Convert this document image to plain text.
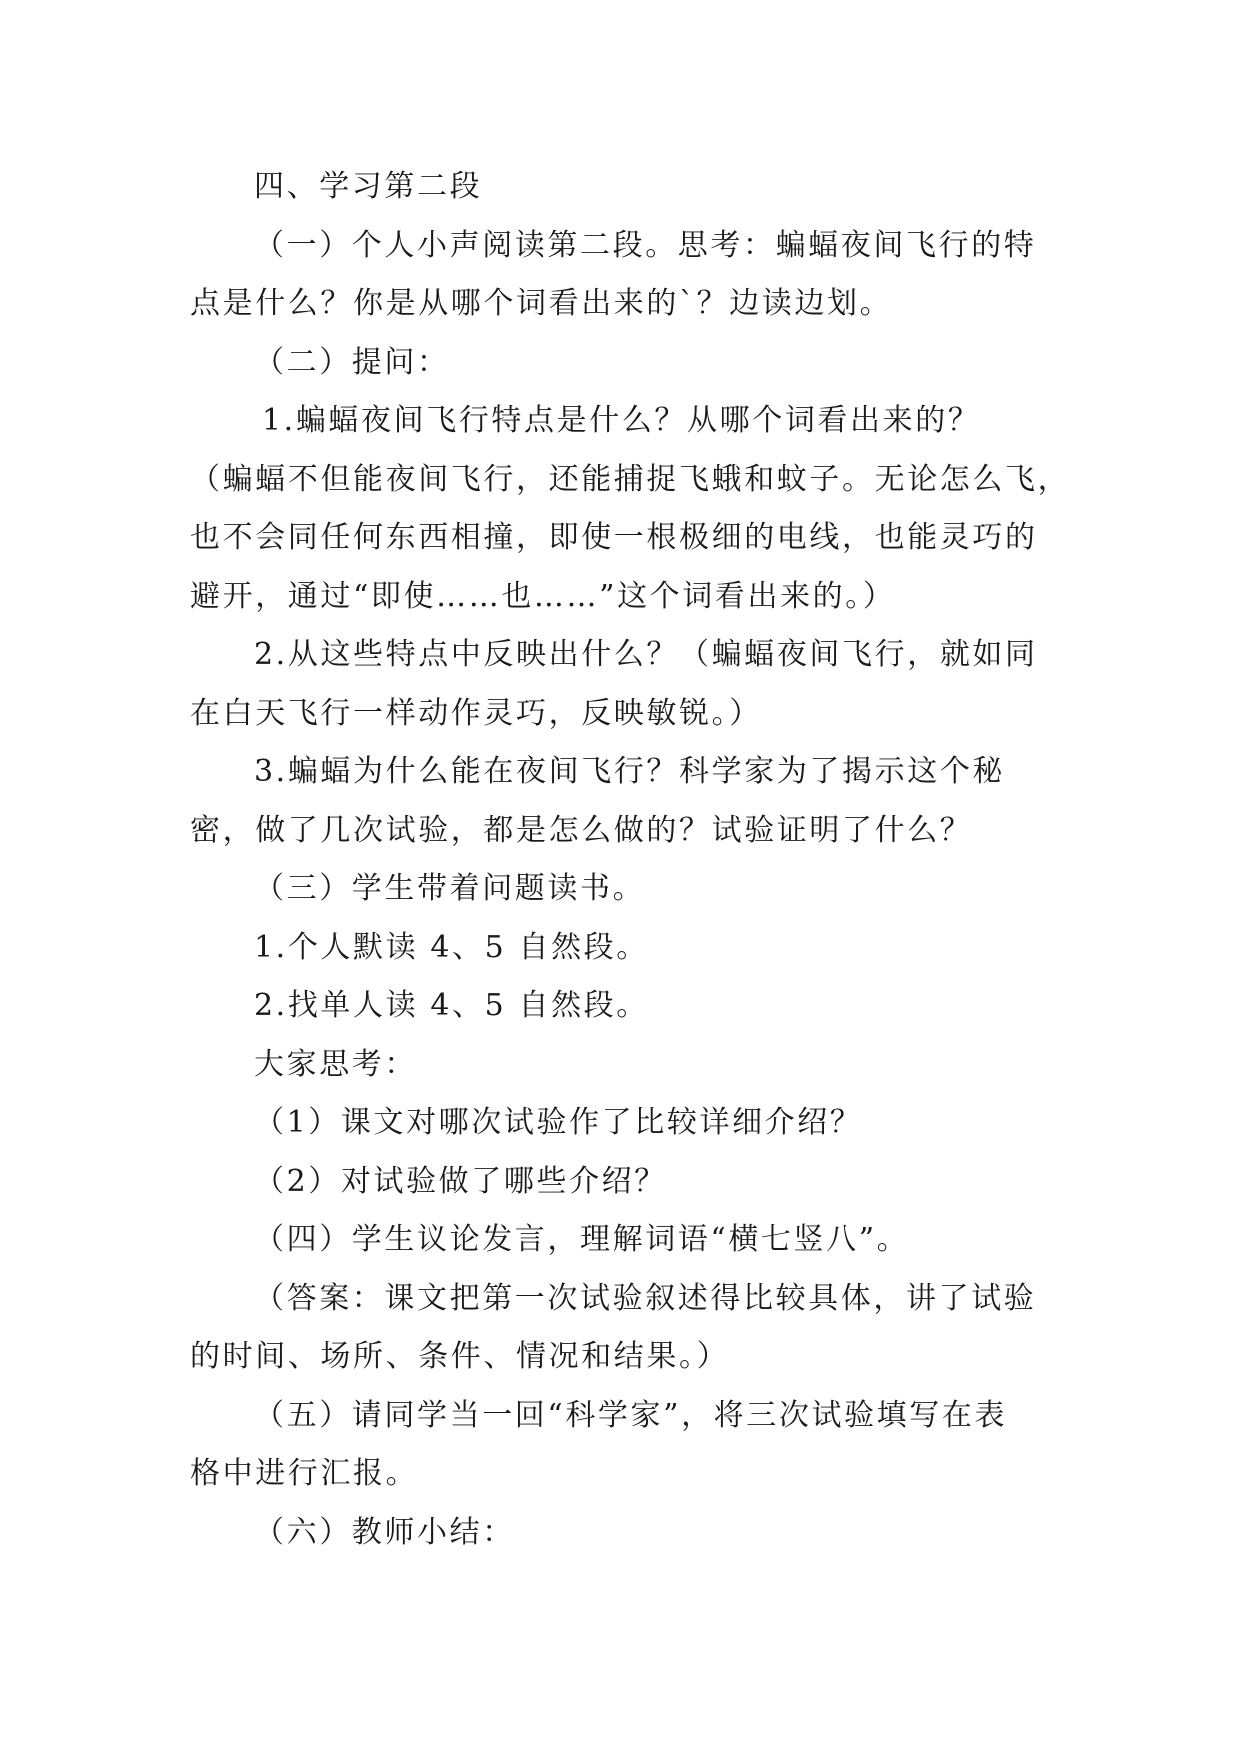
四、学习第二段
（一）个人小声阅读第二段。思考：蝙蝠夜间飞行的特
点是什么？你是从哪个词看出来的`？边读边划。
（二）提问：
1.蝙蝠夜间飞行特点是什么？从哪个词看出来的？
（蝙蝠不但能夜间飞行，还能捕捉飞蛾和蚊子。无论怎么飞，
也不会同任何东西相撞，即使一根极细的电线，也能灵巧的
避开，通过“即使……也……”这个词看出来的。）
2.从这些特点中反映出什么？（蝙蝠夜间飞行，就如同
在白天飞行一样动作灵巧，反映敏锐。）
3.蝙蝠为什么能在夜间飞行？科学家为了揭示这个秘
密，做了几次试验，都是怎么做的？试验证明了什么？
（三）学生带着问题读书。
1.个人默读 4、5 自然段。
2.找单人读 4、5 自然段。
大家思考：
（1）课文对哪次试验作了比较详细介绍？
（2）对试验做了哪些介绍？
（四）学生议论发言，理解词语“横七竖八”。
（答案：课文把第一次试验叙述得比较具体，讲了试验
的时间、场所、条件、情况和结果。）
（五）请同学当一回“科学家”，将三次试验填写在表
格中进行汇报。
（六）教师小结：
